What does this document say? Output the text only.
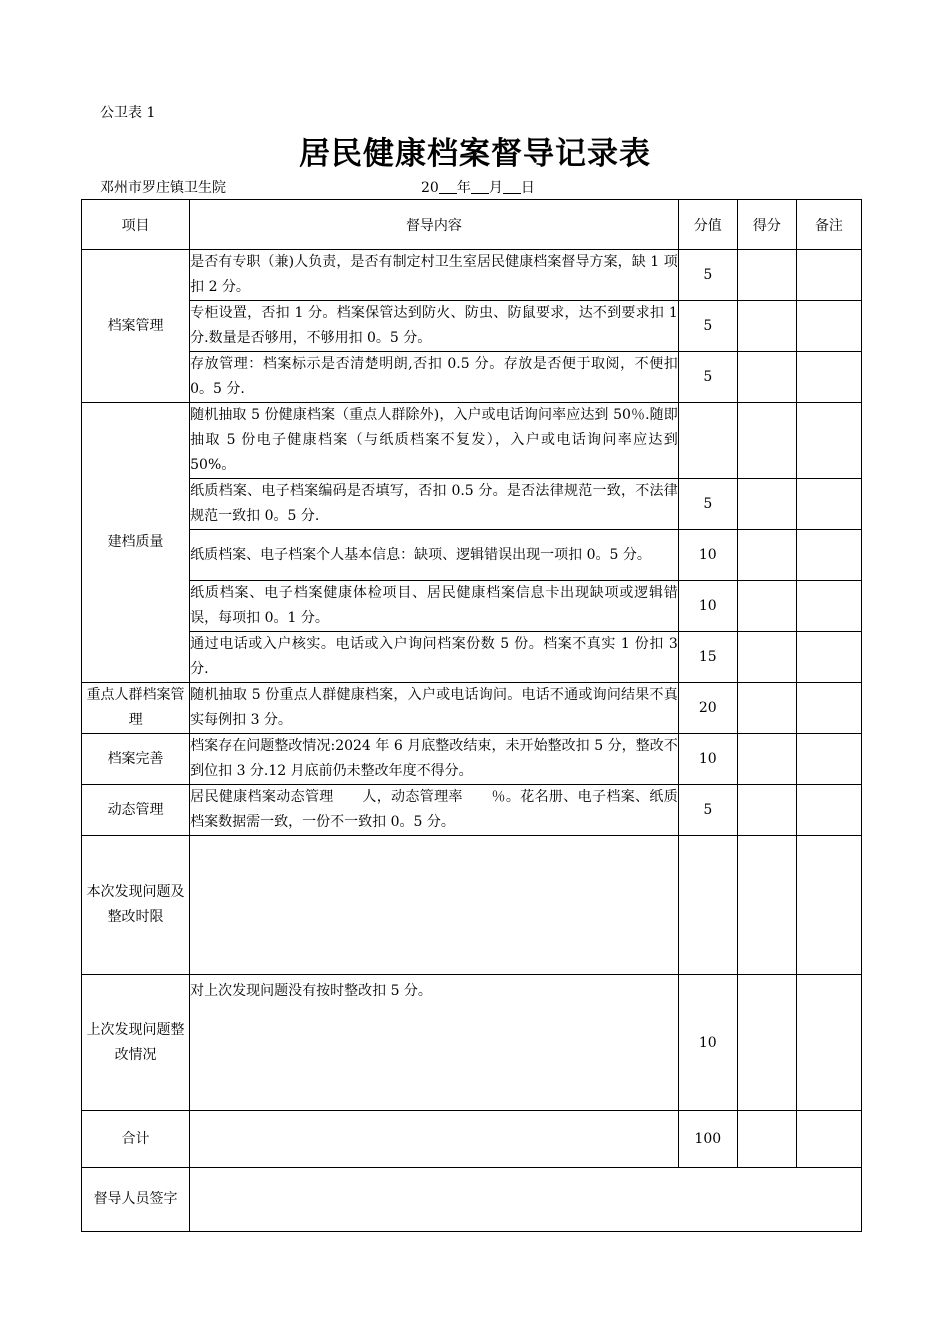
公卫表 1
居民健康档案督导记录表
邓州市罗庄镇卫生院	20 年 月 日
项目	督导内容	分值	得分	备注
档案管理	是否有专职（兼)人负责，是否有制定村卫生室居民健康档案督导方案，缺 1 项扣 2 分。	5		
	专柜设置，否扣 1 分。档案保管达到防火、防虫、防鼠要求，达不到要求扣 1 分.数量是否够用，不够用扣 0。5 分。	5		
	存放管理：档案标示是否清楚明朗,否扣 0.5 分。存放是否便于取阅，不便扣 0。5 分.	5		
建档质量	随机抽取 5 份健康档案（重点人群除外)，入户或电话询问率应达到 50％.随即抽取 5 份电子健康档案（与纸质档案不复发），入户或电话询问率应达到 50%。			
	纸质档案、电子档案编码是否填写，否扣 0.5 分。是否法律规范一致，不法律规范一致扣 0。5 分.	5		
	纸质档案、电子档案个人基本信息：缺项、逻辑错误出现一项扣 0。5 分。	10		
	纸质档案、电子档案健康体检项目、居民健康档案信息卡出现缺项或逻辑错误，每项扣 0。1 分。	10		
	通过电话或入户核实。电话或入户询问档案份数 5 份。档案不真实 1 份扣 3 分.	15		
重点人群档案管理	随机抽取 5 份重点人群健康档案，入户或电话询问。电话不通或询问结果不真实每例扣 3 分。	20		
档案完善	档案存在问题整改情况:2024 年 6 月底整改结束，未开始整改扣 5 分，整改不到位扣 3 分.12 月底前仍未整改年度不得分。	10		
动态管理	居民健康档案动态管理　　人，动态管理率　　％。花名册、电子档案、纸质档案数据需一致，一份不一致扣 0。5 分。	5		
本次发现问题及整改时限				
上次发现问题整改情况	对上次发现问题没有按时整改扣 5 分。	10		
合计		100		
督导人员签字				
